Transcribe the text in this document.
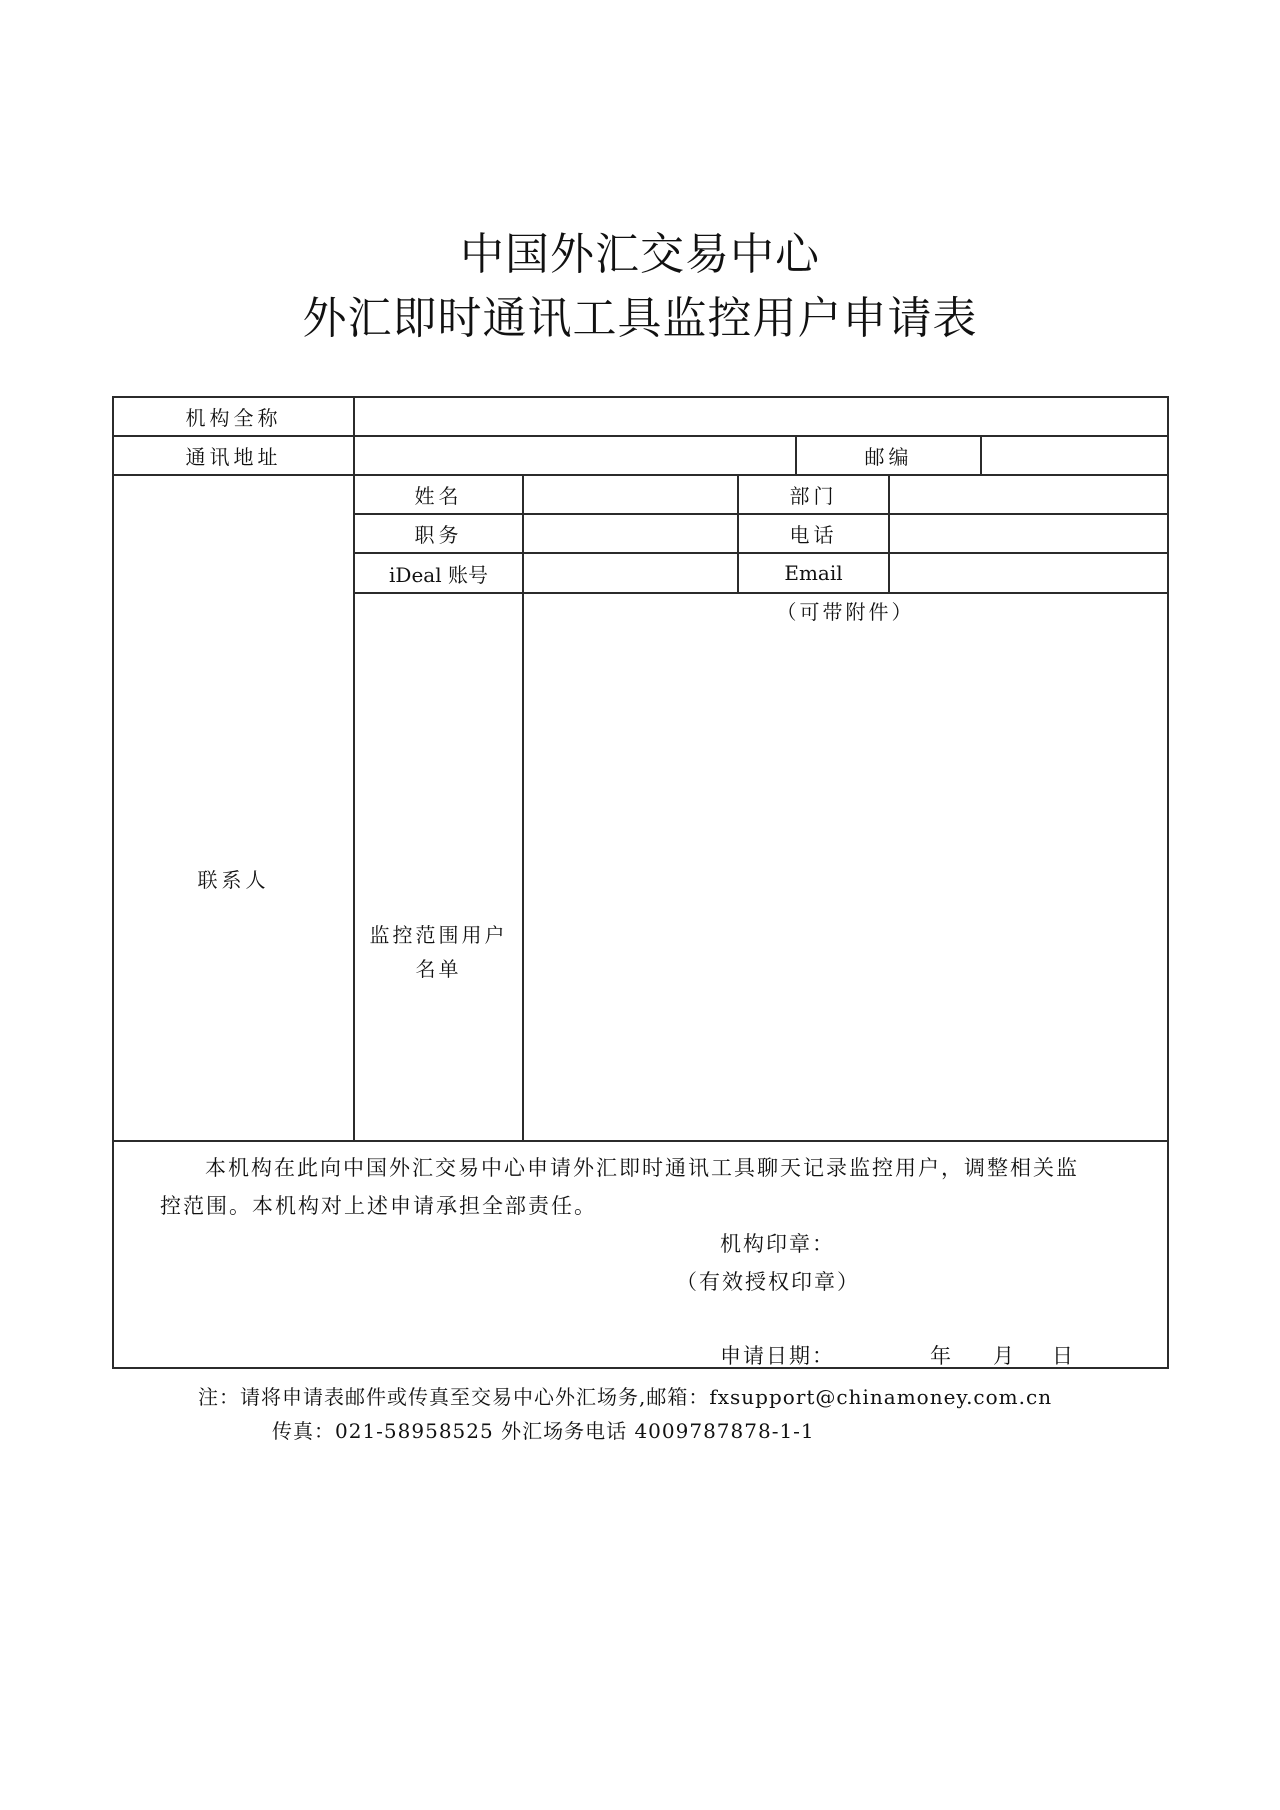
中国外汇交易中心
外汇即时通讯工具监控用户申请表
机构全称
通讯地址	邮编
联系人
姓名	部门
职务	电话
iDeal 账号	Email
监控范围用户
名单
（可带附件）
本机构在此向中国外汇交易中心申请外汇即时通讯工具聊天记录监控用户，调整相关监
控范围。本机构对上述申请承担全部责任。
机构印章：
（有效授权印章）
申请日期：	年 月 日
注：请将申请表邮件或传真至交易中心外汇场务,邮箱：fxsupport@chinamoney.com.cn
传真：021-58958525 外汇场务电话 4009787878-1-1
